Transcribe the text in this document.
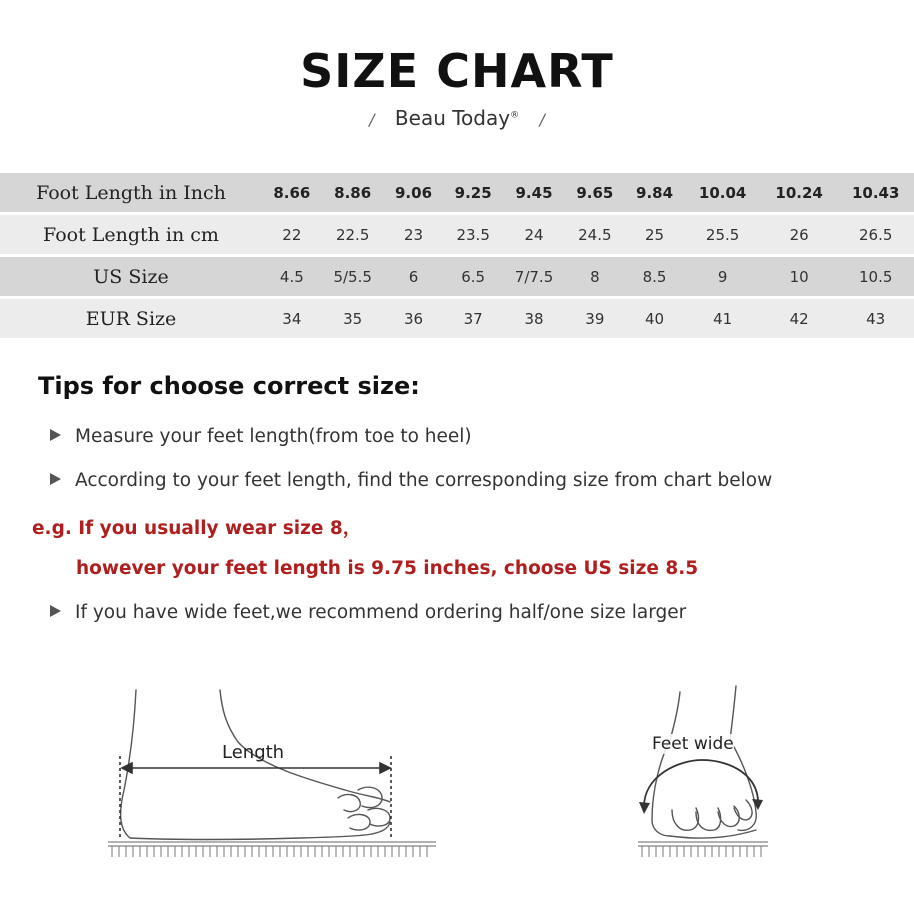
SIZE CHART
/ Beau Today® /
Foot Length in Inch	8.66	8.86	9.06	9.25	9.45	9.65	9.84	10.04	10.24	10.43
Foot Length in cm	22	22.5	23	23.5	24	24.5	25	25.5	26	26.5
US Size	4.5	5/5.5	6	6.5	7/7.5	8	8.5	9	10	10.5
EUR Size	34	35	36	37	38	39	40	41	42	43
Tips for choose correct size:
Measure your feet length(from toe to heel)
According to your feet length, find the corresponding size from chart below
e.g. If you usually wear size 8，
however your feet length is 9.75 inches, choose US size 8.5
If you have wide feet,we recommend ordering half/one size larger
Length	Feet wide
